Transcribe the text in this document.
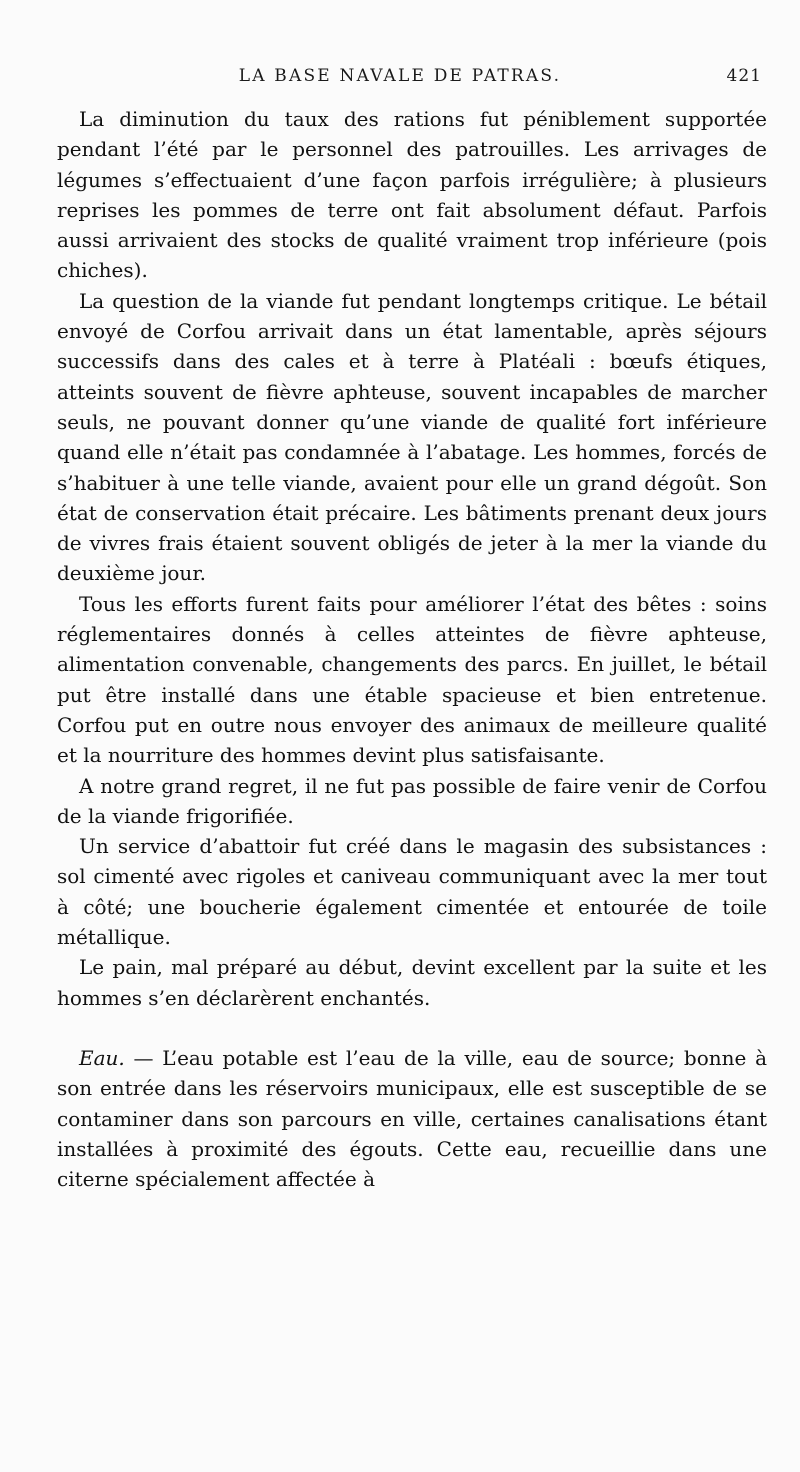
LA BASE NAVALE DE PATRAS.	421

La diminution du taux des rations fut péniblement supportée pendant l’été par le personnel des patrouilles. Les arrivages de légumes s’effectuaient d’une façon parfois irrégulière; à plusieurs reprises les pommes de terre ont fait absolument défaut. Parfois aussi arrivaient des stocks de qualité vraiment trop inférieure (pois chiches).

La question de la viande fut pendant longtemps critique. Le bétail envoyé de Corfou arrivait dans un état lamentable, après séjours successifs dans des cales et à terre à Platéali : bœufs étiques, atteints souvent de fièvre aphteuse, souvent incapables de marcher seuls, ne pouvant donner qu’une viande de qualité fort inférieure quand elle n’était pas condamnée à l’abatage. Les hommes, forcés de s’habituer à une telle viande, avaient pour elle un grand dégoût. Son état de conservation était précaire. Les bâtiments prenant deux jours de vivres frais étaient souvent obligés de jeter à la mer la viande du deuxième jour.

Tous les efforts furent faits pour améliorer l’état des bêtes : soins réglementaires donnés à celles atteintes de fièvre aphteuse, alimentation convenable, changements des parcs. En juillet, le bétail put être installé dans une étable spacieuse et bien entretenue. Corfou put en outre nous envoyer des animaux de meilleure qualité et la nourriture des hommes devint plus satisfaisante.

A notre grand regret, il ne fut pas possible de faire venir de Corfou de la viande frigorifiée.

Un service d’abattoir fut créé dans le magasin des subsistances : sol cimenté avec rigoles et caniveau communiquant avec la mer tout à côté; une boucherie également cimentée et entourée de toile métallique.

Le pain, mal préparé au début, devint excellent par la suite et les hommes s’en déclarèrent enchantés.

Eau. — L’eau potable est l’eau de la ville, eau de source; bonne à son entrée dans les réservoirs municipaux, elle est susceptible de se contaminer dans son parcours en ville, certaines canalisations étant installées à proximité des égouts. Cette eau, recueillie dans une citerne spécialement affectée à
